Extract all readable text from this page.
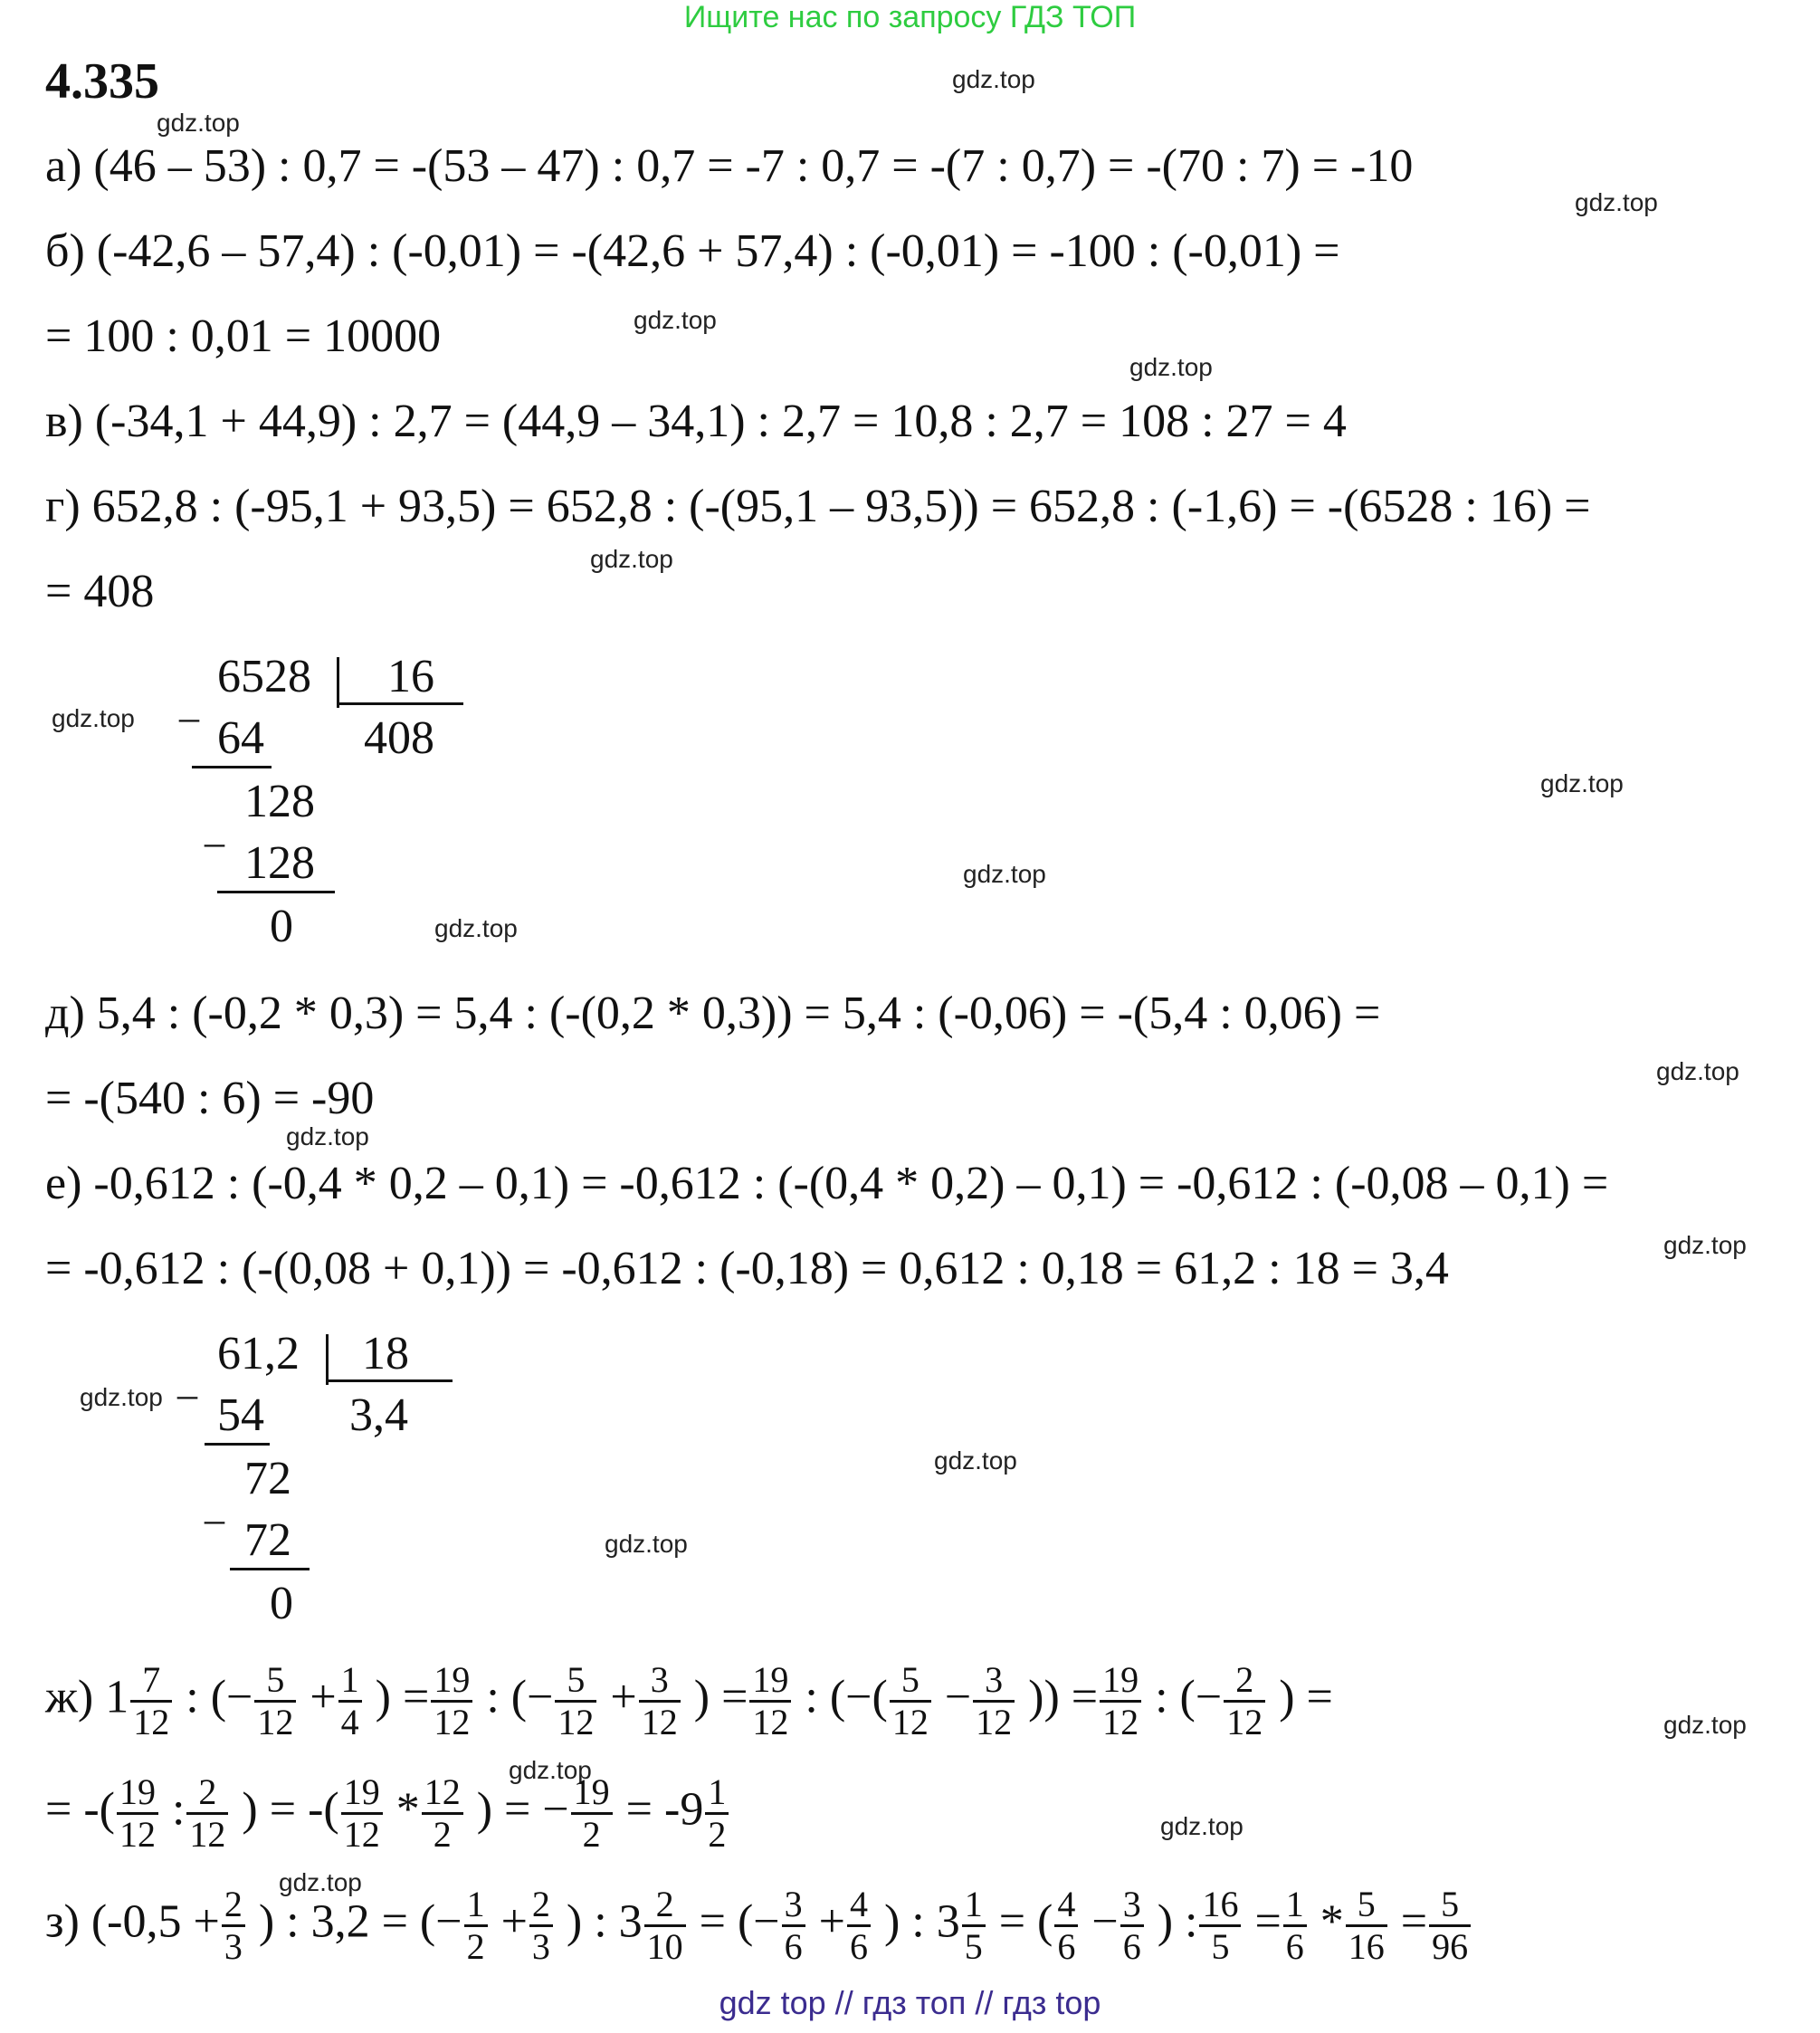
Ищите нас по запросу ГДЗ ТОП
4.335	gdz.top
gdz.top
gdz.top
gdz.top
gdz.top
gdz.top
gdz.top
gdz.top
gdz.top
gdz.top
gdz.top
gdz.top
gdz.top
gdz.top
gdz.top
gdz.top
gdz.top
gdz.top
gdz.top
gdz.top
а) (46 – 53) : 0,7 = -(53 – 47) : 0,7 = -7 : 0,7 = -(7 : 0,7) = -(70 : 7) = -10
б) (-42,6 – 57,4) : (-0,01) = -(42,6 + 57,4) : (-0,01) = -100 : (-0,01) =
= 100 : 0,01 = 10000
в) (-34,1 + 44,9) : 2,7 = (44,9 – 34,1) : 2,7 = 10,8 : 2,7 = 108 : 27 = 4
г) 652,8 : (-95,1 + 93,5) = 652,8 : (-(95,1 – 93,5)) = 652,8 : (-1,6) = -(6528 : 16) =
= 408
_
6528 16
408
64
_
128
128
0
д) 5,4 : (-0,2 * 0,3) = 5,4 : (-(0,2 * 0,3)) = 5,4 : (-0,06) = -(5,4 : 0,06) =
= -(540 : 6) = -90
е) -0,612 : (-0,4 * 0,2 – 0,1) = -0,612 : (-(0,4 * 0,2) – 0,1) = -0,612 : (-0,08 – 0,1) =
= -0,612 : (-(0,08 + 0,1)) = -0,612 : (-0,18) = 0,612 : 0,18 = 61,2 : 18 = 3,4
_
61,2 18
3,4
54
_
72
72
0
ж) $1 \frac{7}{12}$ : (− $\frac{5}{12} + \frac{1}{4}$ ) = $\frac{19}{12}$ : (− $\frac{5}{12} + \frac{3}{12}$ ) = $\frac{19}{12}$ : (−( $\frac{5}{12} - \frac{3}{12}$ )) = $\frac{19}{12}$ : (− $\frac{2}{12}$ ) =
= -( $\frac{19}{12}$ : $\frac{2}{12}$ ) = -( $\frac{19}{12} * \frac{12}{2}$ ) = − $\frac{19}{2} = -9 \frac{1}{2}$
з) ($-0,5 + \frac{2}{3}$ ) : 3,2 = (− $\frac{1}{2} + \frac{2}{3}$ ) : $3 \frac{2}{10}$ = (− $\frac{3}{6} + \frac{4}{6}$ ) : $3 \frac{1}{5}$ = ( $\frac{4}{6} - \frac{3}{6}$ ) : $\frac{16}{5} = \frac{1}{6} * \frac{5}{16} = \frac{5}{96}$
gdz top // гдз топ // гдз top
